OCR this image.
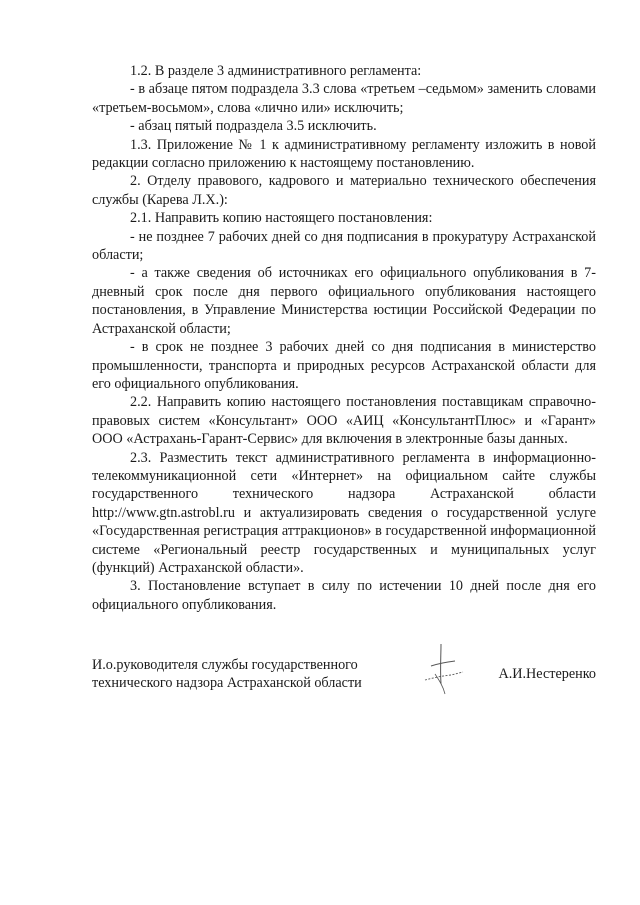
1.2. В разделе 3 административного регламента:

- в абзаце пятом подраздела 3.3 слова «третьем –седьмом» заменить словами «третьем-восьмом», слова «лично или» исключить;

- абзац пятый подраздела 3.5 исключить.

1.3. Приложение № 1 к административному регламенту изложить в новой редакции согласно приложению к настоящему постановлению.

2. Отделу правового, кадрового и материально технического обеспечения службы (Карева Л.Х.):

2.1. Направить копию настоящего постановления:

- не позднее 7 рабочих дней со дня подписания в прокуратуру Астраханской области;

- а также сведения об источниках его официального опубликования в 7-дневный срок после дня первого официального опубликования настоящего постановления, в Управление Министерства юстиции Российской Федерации по Астраханской области;

- в срок не позднее 3 рабочих дней со дня подписания в министерство промышленности, транспорта и природных ресурсов Астраханской области для его официального опубликования.

2.2. Направить копию настоящего постановления поставщикам справочно-правовых систем «Консультант» ООО «АИЦ «КонсультантПлюс» и «Гарант» ООО «Астрахань-Гарант-Сервис» для включения в электронные базы данных.

2.3. Разместить текст административного регламента в информационно-телекоммуникационной сети «Интернет» на официальном сайте службы государственного технического надзора Астраханской области http://www.gtn.astrobl.ru и актуализировать сведения о государственной услуге «Государственная регистрация аттракционов» в государственной информационной системе «Региональный реестр государственных и муниципальных услуг (функций) Астраханской области».

3. Постановление вступает в силу по истечении 10 дней после дня его официального опубликования.

И.о.руководителя службы государственного
технического надзора Астраханской области
А.И.Нестеренко
